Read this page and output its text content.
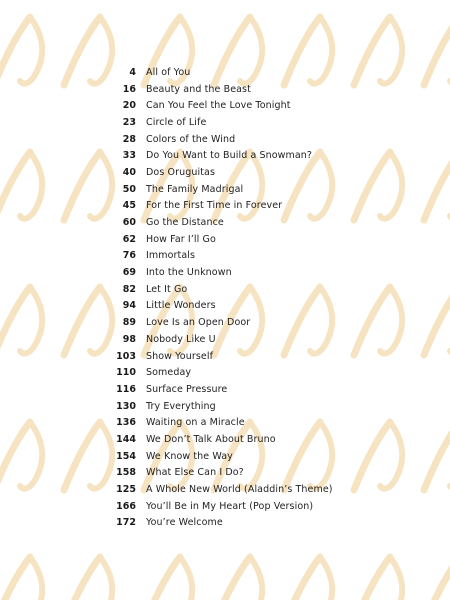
4 All of You
16 Beauty and the Beast
20 Can You Feel the Love Tonight
23 Circle of Life
28 Colors of the Wind
33 Do You Want to Build a Snowman?
40 Dos Oruguitas
50 The Family Madrigal
45 For the First Time in Forever
60 Go the Distance
62 How Far I’ll Go
76 Immortals
69 Into the Unknown
82 Let It Go
94 Little Wonders
89 Love Is an Open Door
98 Nobody Like U
103 Show Yourself
110 Someday
116 Surface Pressure
130 Try Everything
136 Waiting on a Miracle
144 We Don’t Talk About Bruno
154 We Know the Way
158 What Else Can I Do?
125 A Whole New World (Aladdin’s Theme)
166 You’ll Be in My Heart (Pop Version)
172 You’re Welcome
